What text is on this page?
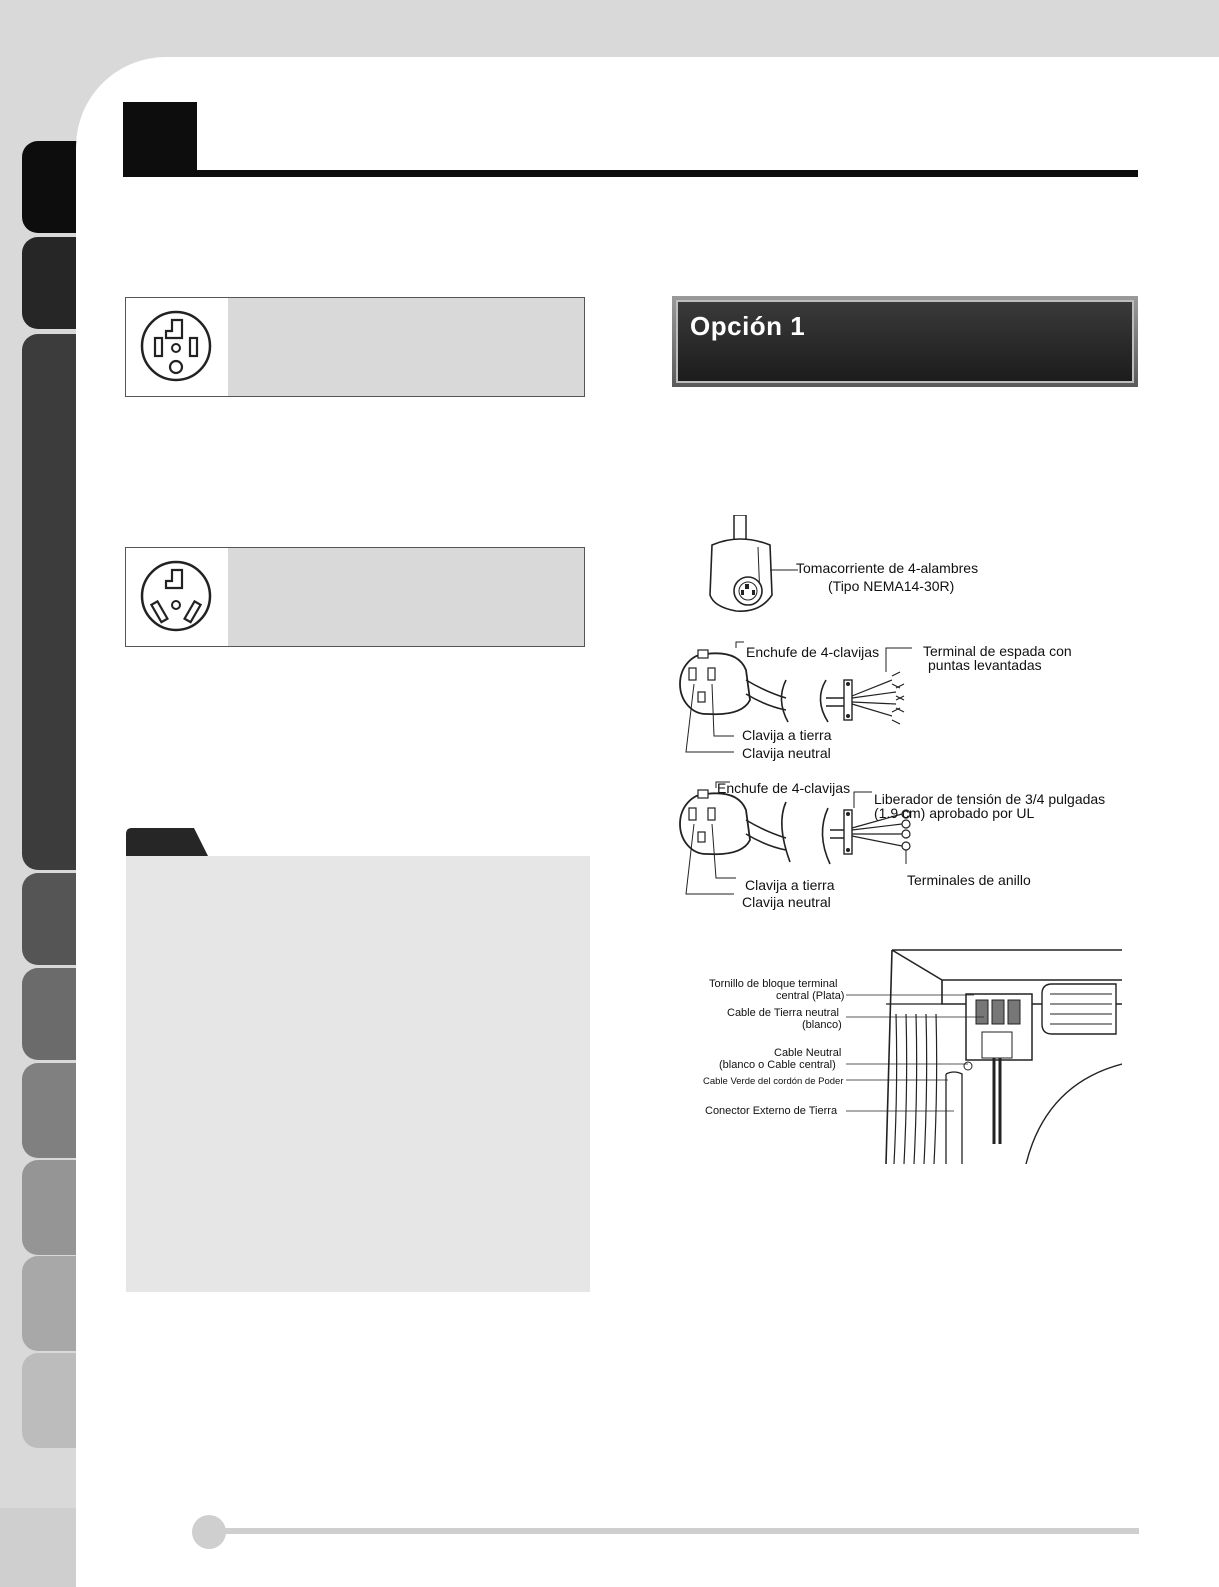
Opción 1
Tomacorriente de 4-alambres
(Tipo NEMA14-30R)
Enchufe de 4-clavijas	Terminal de espada con
puntas levantadas
Clavija a tierra
Clavija neutral
Enchufe de 4-clavijas
Liberador de tensión de 3/4 pulgadas
(1.9 cm) aprobado por UL
Clavija a tierra
Clavija neutral
Terminales de anillo
Tornillo de bloque terminal
central (Plata)
Cable de Tierra neutral
(blanco)
Cable Neutral
(blanco o Cable central)
Cable Verde del cordón de Poder
Conector Externo de Tierra
